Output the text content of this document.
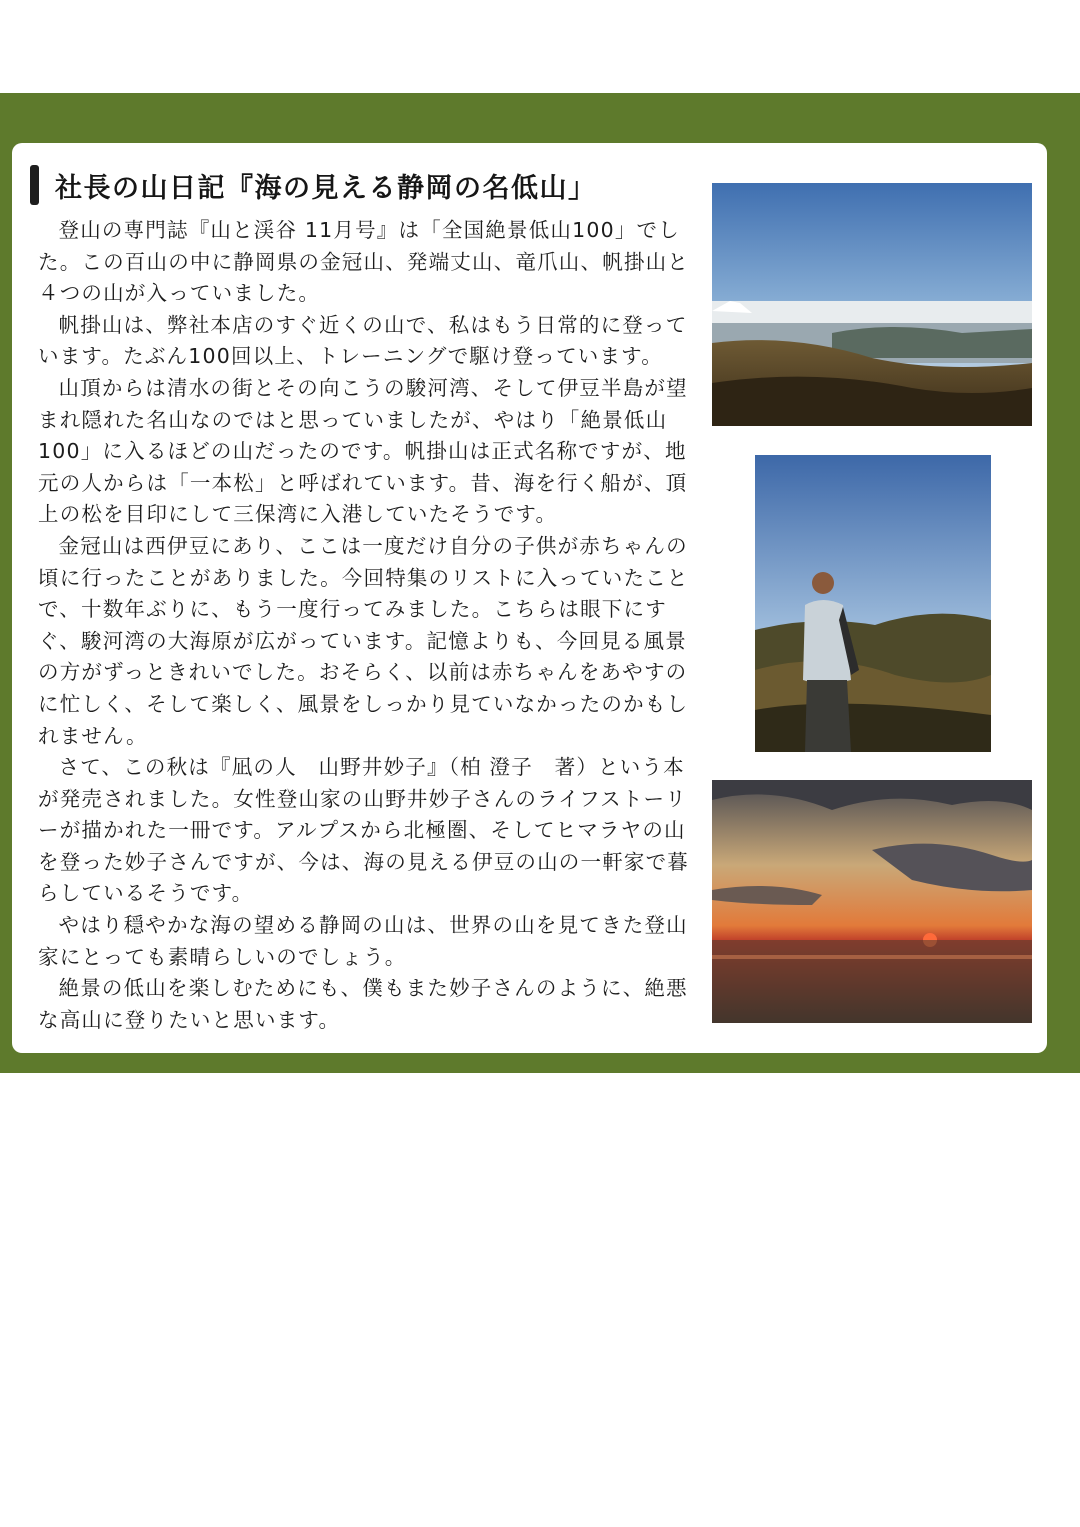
社長の山日記『海の見える静岡の名低山」

登山の専門誌『山と渓谷 11月号』は「全国絶景低山100」でした。この百山の中に静岡県の金冠山、発端丈山、竜爪山、帆掛山と４つの山が入っていました。

帆掛山は、弊社本店のすぐ近くの山で、私はもう日常的に登っています。たぶん100回以上、トレーニングで駆け登っています。

山頂からは清水の街とその向こうの駿河湾、そして伊豆半島が望まれ隠れた名山なのではと思っていましたが、やはり「絶景低山100」に入るほどの山だったのです。帆掛山は正式名称ですが、地元の人からは「一本松」と呼ばれています。昔、海を行く船が、頂上の松を目印にして三保湾に入港していたそうです。

金冠山は西伊豆にあり、ここは一度だけ自分の子供が赤ちゃんの頃に行ったことがありました。今回特集のリストに入っていたことで、十数年ぶりに、もう一度行ってみました。こちらは眼下にすぐ、駿河湾の大海原が広がっています。記憶よりも、今回見る風景の方がずっときれいでした。おそらく、以前は赤ちゃんをあやすのに忙しく、そして楽しく、風景をしっかり見ていなかったのかもしれません。

さて、この秋は『凪の人　山野井妙子』（柏 澄子　著）という本が発売されました。女性登山家の山野井妙子さんのライフストーリーが描かれた一冊です。アルプスから北極圏、そしてヒマラヤの山を登った妙子さんですが、今は、海の見える伊豆の山の一軒家で暮らしているそうです。

やはり穏やかな海の望める静岡の山は、世界の山を見てきた登山家にとっても素晴らしいのでしょう。

絶景の低山を楽しむためにも、僕もまた妙子さんのように、絶悪な高山に登りたいと思います。
